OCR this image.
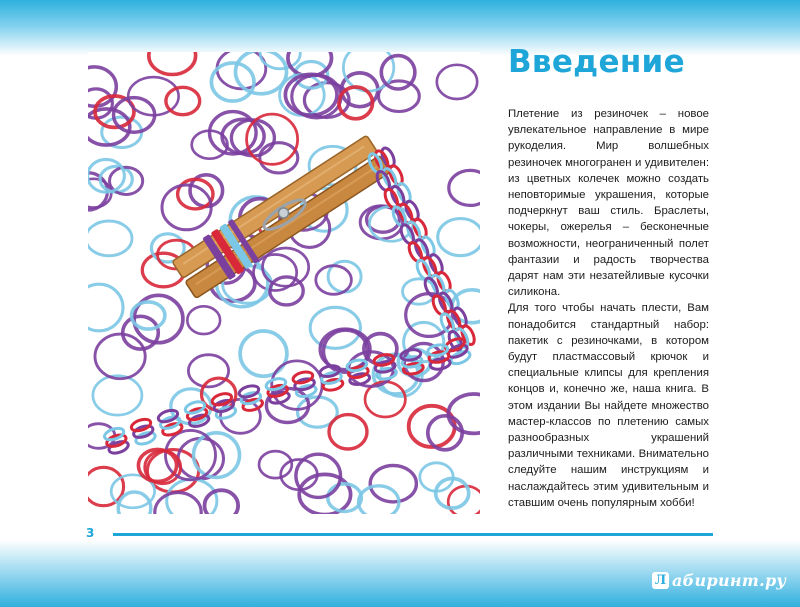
Введение

Плетение из резиночек – новое увлекательное направление в мире рукоделия. Мир волшебных резиночек многогранен и удивителен: из цветных колечек можно создать неповторимые украшения, которые подчеркнут ваш стиль. Браслеты, чокеры, ожерелья – бесконечные возможности, неограниченный полет фантазии и радость творчества дарят нам эти незатейливые кусочки силикона.

Для того чтобы начать плести, Вам понадобится стандартный набор: пакетик с резиночками, в котором будут пластмассовый крючок и специальные клипсы для крепления концов и, конечно же, наша книга. В этом издании Вы найдете множество мастер-классов по плетению самых разнообразных украшений различными техниками. Внимательно следуйте нашим инструкциям и наслаждайтесь этим удивительным и ставшим очень популярным хобби!

3
Л абиринт.ру
